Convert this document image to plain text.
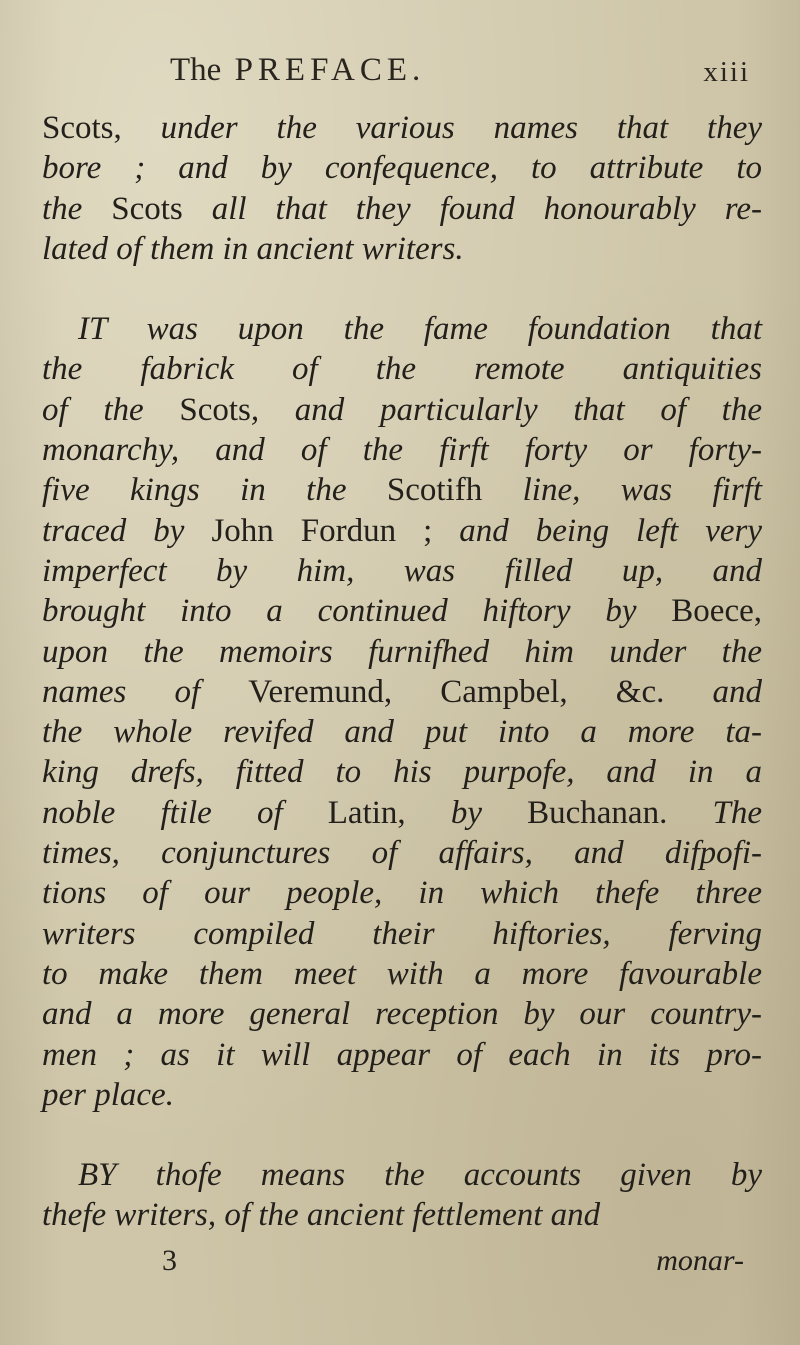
The PREFACE.	xiii
Scots, under the various names that they
bore ; and by confequence, to attribute to
the Scots all that they found honourably re-
lated of them in ancient writers.
IT was upon the fame foundation that
the fabrick of the remote antiquities
of the Scots, and particularly that of the
monarchy, and of the firft forty or forty-
five kings in the Scotifh line, was firft
traced by John Fordun ; and being left very
imperfect by him, was filled up, and
brought into a continued hiftory by Boece,
upon the memoirs furnifhed him under the
names of Veremund, Campbel, &c. and
the whole revifed and put into a more ta-
king drefs, fitted to his purpofe, and in a
noble ftile of Latin, by Buchanan. The
times, conjunctures of affairs, and difpofi-
tions of our people, in which thefe three
writers compiled their hiftories, ferving
to make them meet with a more favourable
and a more general reception by our country-
men ; as it will appear of each in its pro-
per place.
BY thofe means the accounts given by
thefe writers, of the ancient fettlement and
3	monar-
